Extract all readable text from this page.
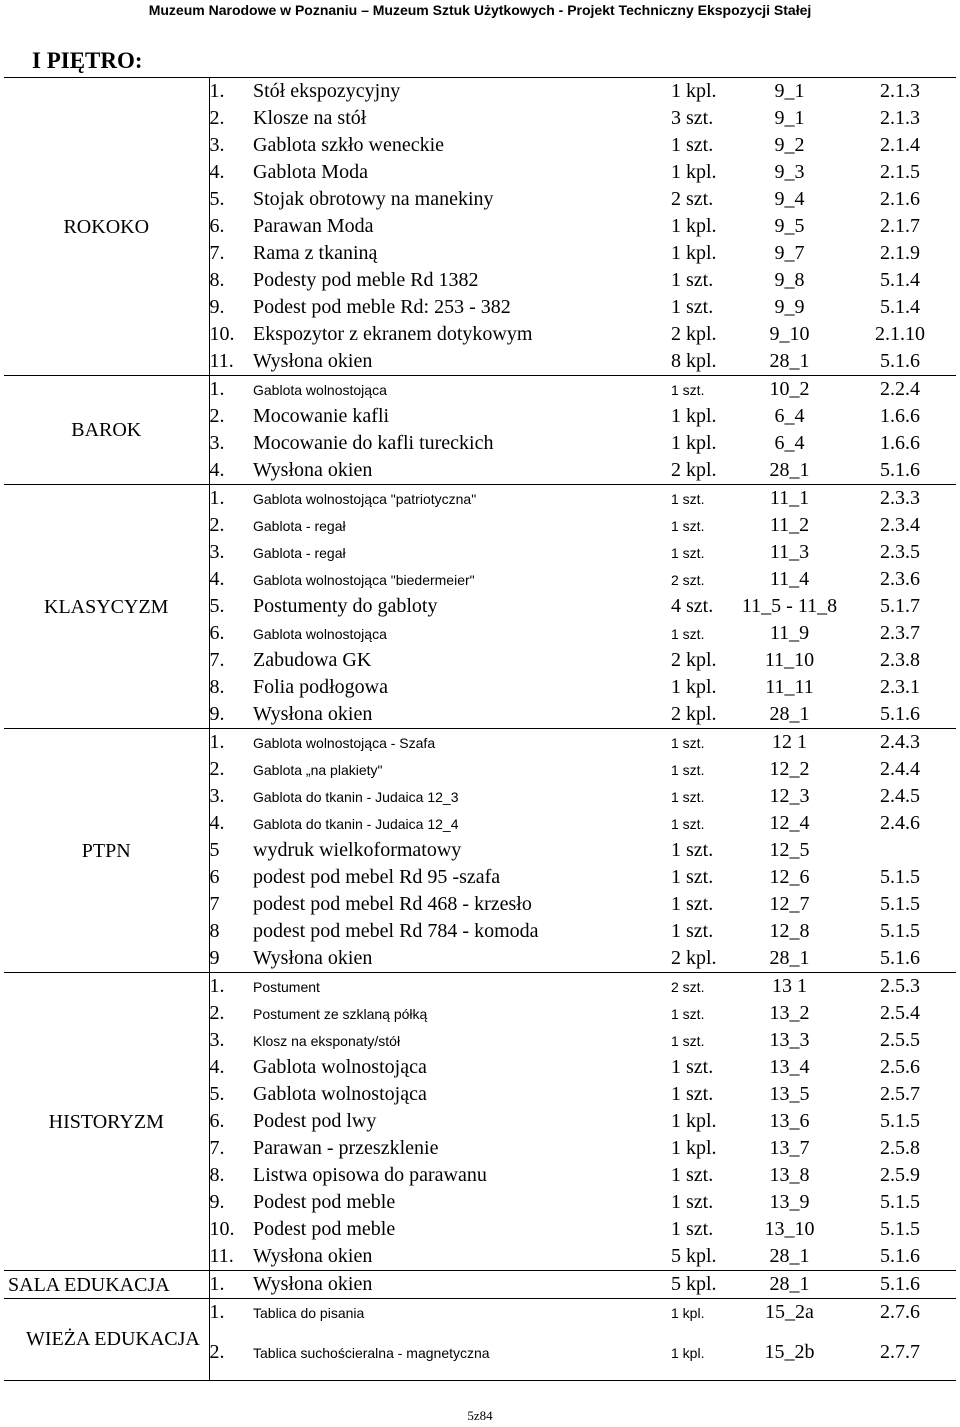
Muzeum Narodowe w Poznaniu – Muzeum Sztuk Użytkowych - Projekt Techniczny Ekspozycji Stałej
I PIĘTRO:					

ROKOKO	1.	Stół ekspozycyjny	1 kpl.	9_1	2.1.3
	2.	Klosze na stół	3 szt.	9_1	2.1.3
	3.	Gablota szkło weneckie	1 szt.	9_2	2.1.4
	4.	Gablota Moda	1 kpl.	9_3	2.1.5
	5.	Stojak obrotowy na manekiny	2 szt.	9_4	2.1.6
	6.	Parawan Moda	1 kpl.	9_5	2.1.7
	7.	Rama z tkaniną	1 kpl.	9_7	2.1.9
	8.	Podesty pod meble Rd 1382	1 szt.	9_8	5.1.4
	9.	Podest pod meble Rd: 253 - 382	1 szt.	9_9	5.1.4
	10.	Ekspozytor z ekranem dotykowym	2 kpl.	9_10	2.1.10
	11.	Wysłona okien	8 kpl.	28_1	5.1.6
BAROK	1.	Gablota wolnostojąca	1 szt.	10_2	2.2.4
	2.	Mocowanie kafli	1 kpl.	6_4	1.6.6
	3.	Mocowanie do kafli tureckich	1 kpl.	6_4	1.6.6
	4.	Wysłona okien	2 kpl.	28_1	5.1.6
KLASYCYZM	1.	Gablota wolnostojąca "patriotyczna"	1 szt.	11_1	2.3.3
	2.	Gablota - regał	1 szt.	11_2	2.3.4
	3.	Gablota - regał	1 szt.	11_3	2.3.5
	4.	Gablota wolnostojąca "biedermeier"	2 szt.	11_4	2.3.6
	5.	Postumenty do gabloty	4 szt.	11_5 - 11_8	5.1.7
	6.	Gablota wolnostojąca	1 szt.	11_9	2.3.7
	7.	Zabudowa GK	2 kpl.	11_10	2.3.8
	8.	Folia podłogowa	1 kpl.	11_11	2.3.1
	9.	Wysłona okien	2 kpl.	28_1	5.1.6
PTPN	1.	Gablota wolnostojąca - Szafa	1 szt.	12 1	2.4.3
	2.	Gablota „na plakiety"	1 szt.	12_2	2.4.4
	3.	Gablota do tkanin - Judaica 12_3	1 szt.	12_3	2.4.5
	4.	Gablota do tkanin - Judaica 12_4	1 szt.	12_4	2.4.6
	5	wydruk wielkoformatowy	1 szt.	12_5	
	6	podest pod mebel Rd 95 -szafa	1 szt.	12_6	5.1.5
	7	podest pod mebel Rd 468 - krzesło	1 szt.	12_7	5.1.5
	8	podest pod mebel Rd 784 - komoda	1 szt.	12_8	5.1.5
	9	Wysłona okien	2 kpl.	28_1	5.1.6
HISTORYZM	1.	Postument	2 szt.	13 1	2.5.3
	2.	Postument ze szklaną półką	1 szt.	13_2	2.5.4
	3.	Klosz na eksponaty/stół	1 szt.	13_3	2.5.5
	4.	Gablota wolnostojąca	1 szt.	13_4	2.5.6
	5.	Gablota wolnostojąca	1 szt.	13_5	2.5.7
	6.	Podest pod lwy	1 kpl.	13_6	5.1.5
	7.	Parawan - przeszklenie	1 kpl.	13_7	2.5.8
	8.	Listwa opisowa do parawanu	1 szt.	13_8	2.5.9
	9.	Podest pod meble	1 szt.	13_9	5.1.5
	10.	Podest pod meble	1 szt.	13_10	5.1.5
	11.	Wysłona okien	5 kpl.	28_1	5.1.6
SALA EDUKACJA	1.	Wysłona okien	5 kpl.	28_1	5.1.6
WIEŻA EDUKACJA	1.	Tablica do pisania	1 kpl.	15_2a	2.7.6
	2.	Tablica suchościeralna - magnetyczna	1 kpl.	15_2b	2.7.7
5z84
